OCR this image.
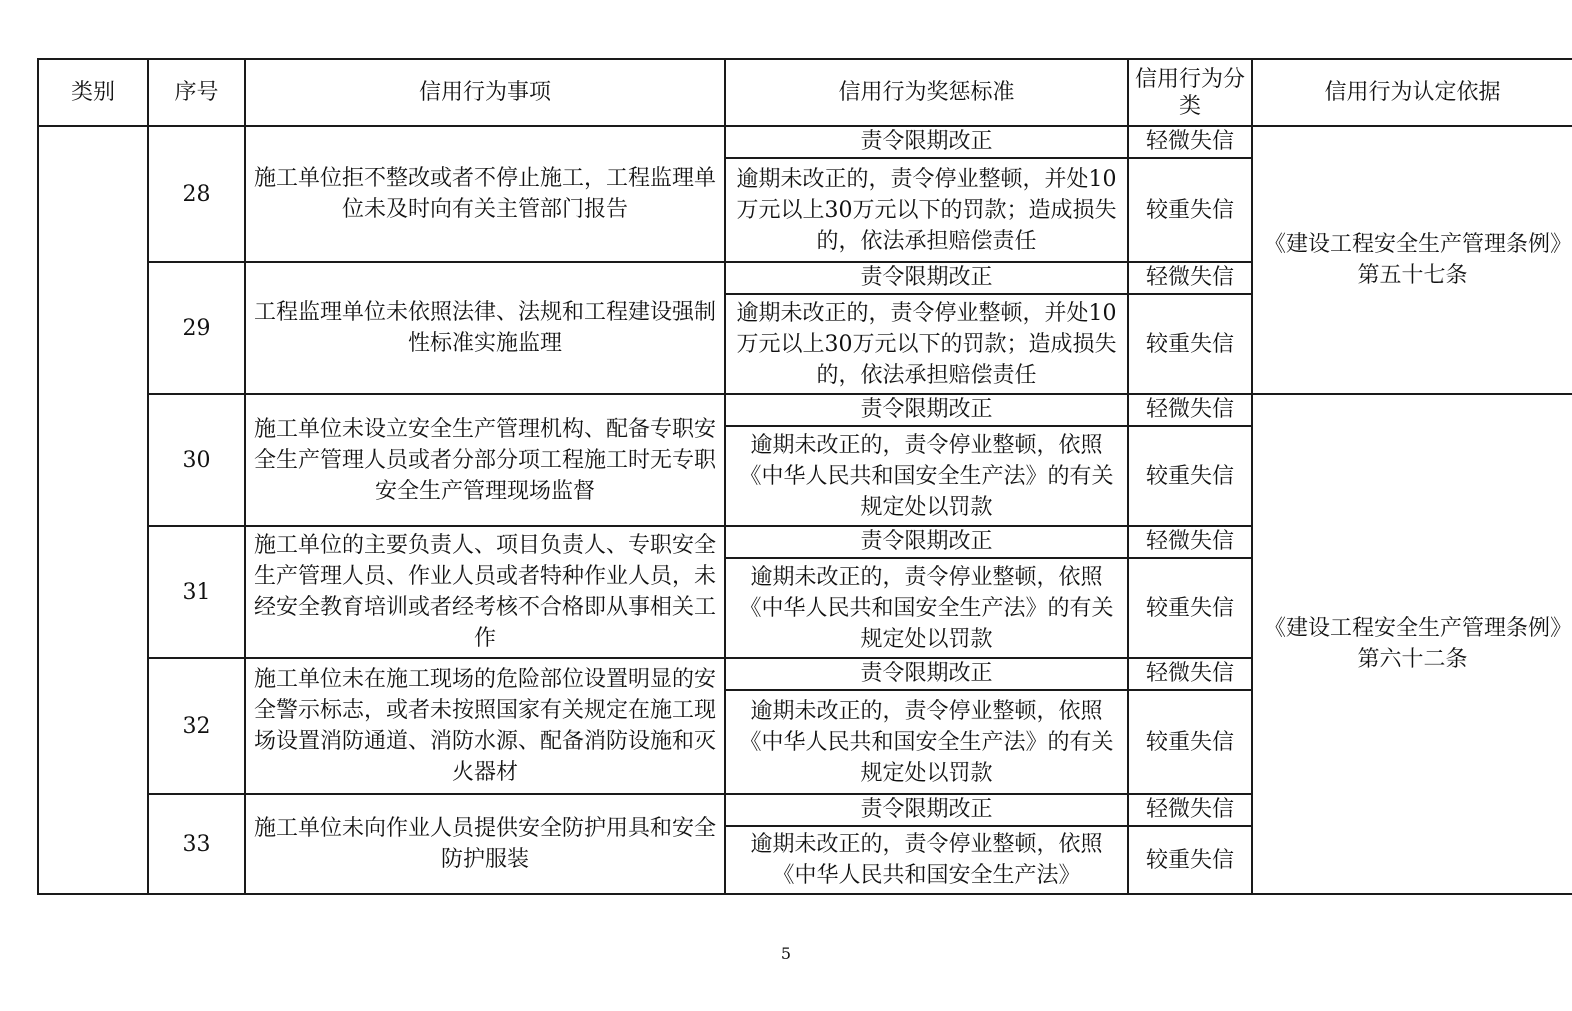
类别	序号	信用行为事项	信用行为奖惩标准	信用行为分类	信用行为认定依据
	28	施工单位拒不整改或者不停止施工，工程监理单位未及时向有关主管部门报告	责令限期改正	轻微失信	《建设工程安全生产管理条例》第五十七条
			逾期未改正的，责令停业整顿，并处10万元以上30万元以下的罚款；造成损失的，依法承担赔偿责任	较重失信	
	29	工程监理单位未依照法律、法规和工程建设强制性标准实施监理	责令限期改正	轻微失信	
			逾期未改正的，责令停业整顿，并处10万元以上30万元以下的罚款；造成损失的，依法承担赔偿责任	较重失信	
	30	施工单位未设立安全生产管理机构、配备专职安全生产管理人员或者分部分项工程施工时无专职安全生产管理现场监督	责令限期改正	轻微失信	《建设工程安全生产管理条例》第六十二条
			逾期未改正的，责令停业整顿，依照《中华人民共和国安全生产法》的有关规定处以罚款	较重失信	
	31	施工单位的主要负责人、项目负责人、专职安全生产管理人员、作业人员或者特种作业人员，未经安全教育培训或者经考核不合格即从事相关工作	责令限期改正	轻微失信	
			逾期未改正的，责令停业整顿，依照《中华人民共和国安全生产法》的有关规定处以罚款	较重失信	
	32	施工单位未在施工现场的危险部位设置明显的安全警示标志，或者未按照国家有关规定在施工现场设置消防通道、消防水源、配备消防设施和灭火器材	责令限期改正	轻微失信	
			逾期未改正的，责令停业整顿，依照《中华人民共和国安全生产法》的有关规定处以罚款	较重失信	
	33	施工单位未向作业人员提供安全防护用具和安全防护服装	责令限期改正	轻微失信	
			逾期未改正的，责令停业整顿，依照《中华人民共和国安全生产法》	较重失信	
5
